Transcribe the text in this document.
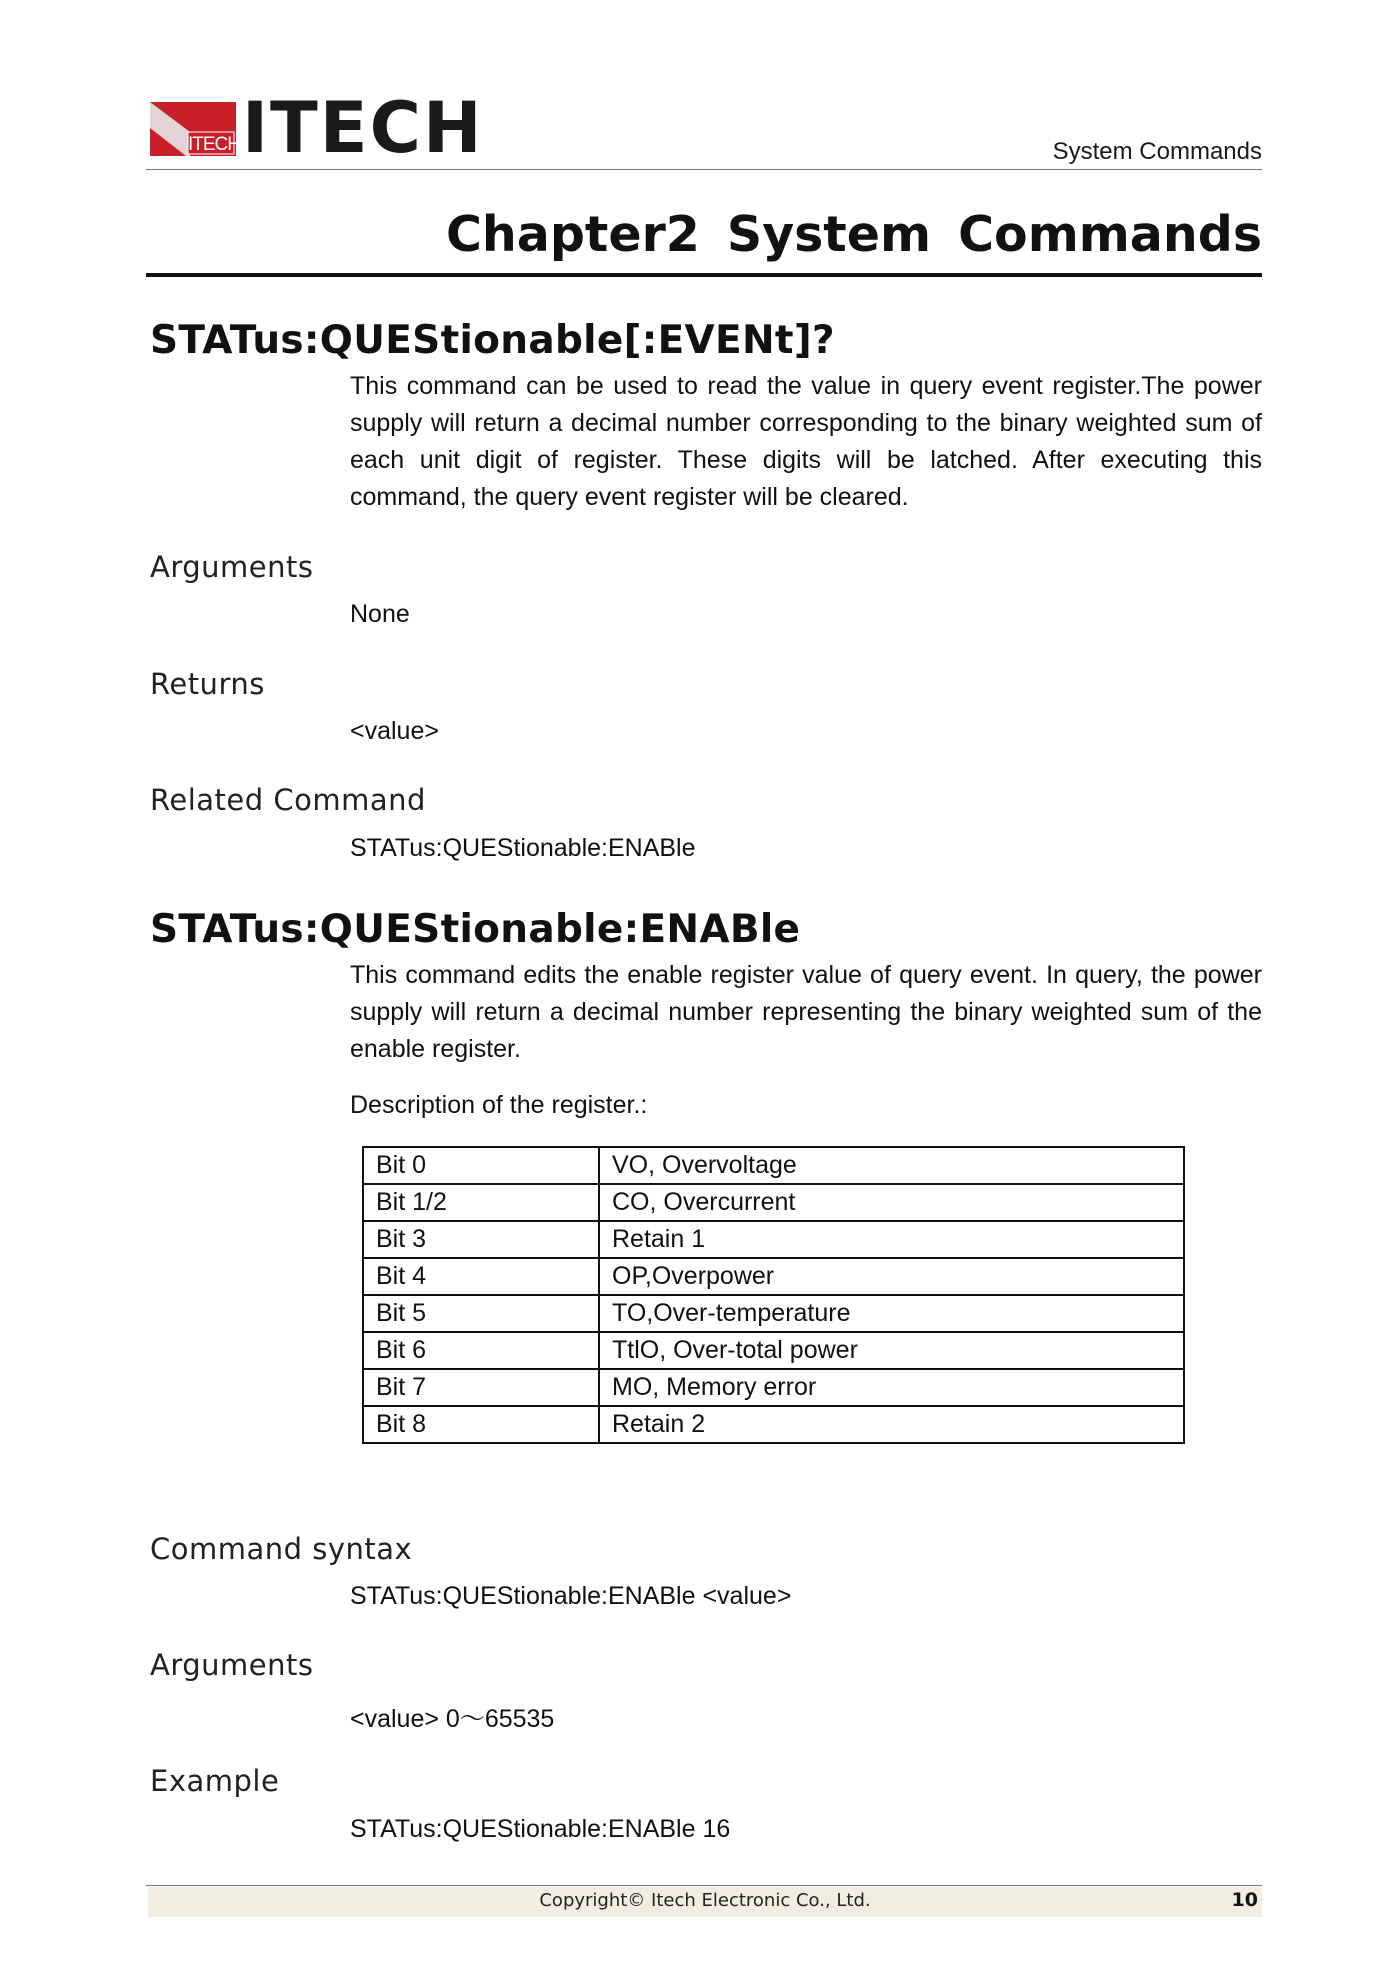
ITECH ITECH	System Commands
Chapter2 System Commands
STATus:QUEStionable[:EVENt]?
This command can be used to read the value in query event register.The power supply will return a decimal number corresponding to the binary weighted sum of each unit digit of register. These digits will be latched. After executing this command, the query event register will be cleared.
Arguments
None
Returns
<value>
Related Command
STATus:QUEStionable:ENABle
STATus:QUEStionable:ENABle
This command edits the enable register value of query event. In query, the power supply will return a decimal number representing the binary weighted sum of the enable register.
Description of the register.:
Bit 0	VO, Overvoltage
Bit 1/2	CO, Overcurrent
Bit 3	Retain 1
Bit 4	OP,Overpower
Bit 5	TO,Over-temperature
Bit 6	TtlO, Over-total power
Bit 7	MO, Memory error
Bit 8	Retain 2
Command syntax
STATus:QUEStionable:ENABle <value>
Arguments
<value> 0～65535
Example
STATus:QUEStionable:ENABle 16
Copyright© Itech Electronic Co., Ltd.	10
